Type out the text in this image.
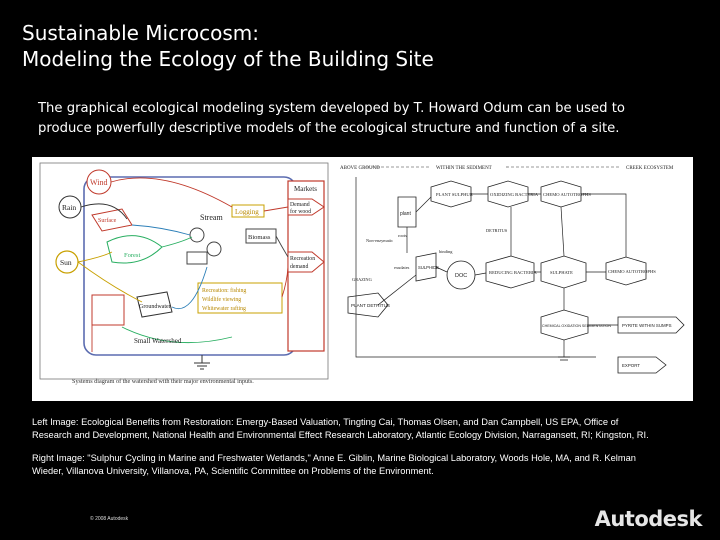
Sustainable Microcosm:
Modeling the Ecology of the Building Site
The graphical ecological modeling system developed by T. Howard Odum can be used to
produce powerfully descriptive models of the ecological structure and function of a site.
Wind
Rain
Sun
Surface
Forest
Groundwater
Stream
Logging
Biomass
Recreation: fishing
Wildlife viewing
Whitewater rafting
Markets
Demand
for wood
Recreation
demand
Small Watershed
Systems diagram of the watershed with their major environmental inputs.
ABOVE GROUND	WITHIN THE SEDIMENT	CREEK ECOSYSTEM
PLANT SULPHUR	OXIDIZING BACTERIA CHEMO AUTOTROPHS
REDUCING BACTERIA	SULPHATE	CHEMO AUTOTROPHS
plant
DOC
SULPHIDE
PLANT DETRITUS
CHEMICAL OXIDATION SEDIMENTATION	PYRITE WITHIN SUMPS
EXPORT
Non-enzymatic
binding
roots
exudates
GRAZING
DETRITUS
Left Image: Ecological Benefits from Restoration: Emergy-Based Valuation, Tingting Cai, Thomas Olsen, and Dan Campbell, US EPA, Office of
Research and Development, National Health and Environmental Effect Research Laboratory, Atlantic Ecology Division, Narragansett, RI; Kingston, RI.
Right Image: "Sulphur Cycling in Marine and Freshwater Wetlands," Anne E. Giblin, Marine Biological Laboratory, Woods Hole, MA, and R. Kelman
Wieder, Villanova University, Villanova, PA, Scientific Committee on Problems of the Environment.
© 2008 Autodesk	Autodesk
